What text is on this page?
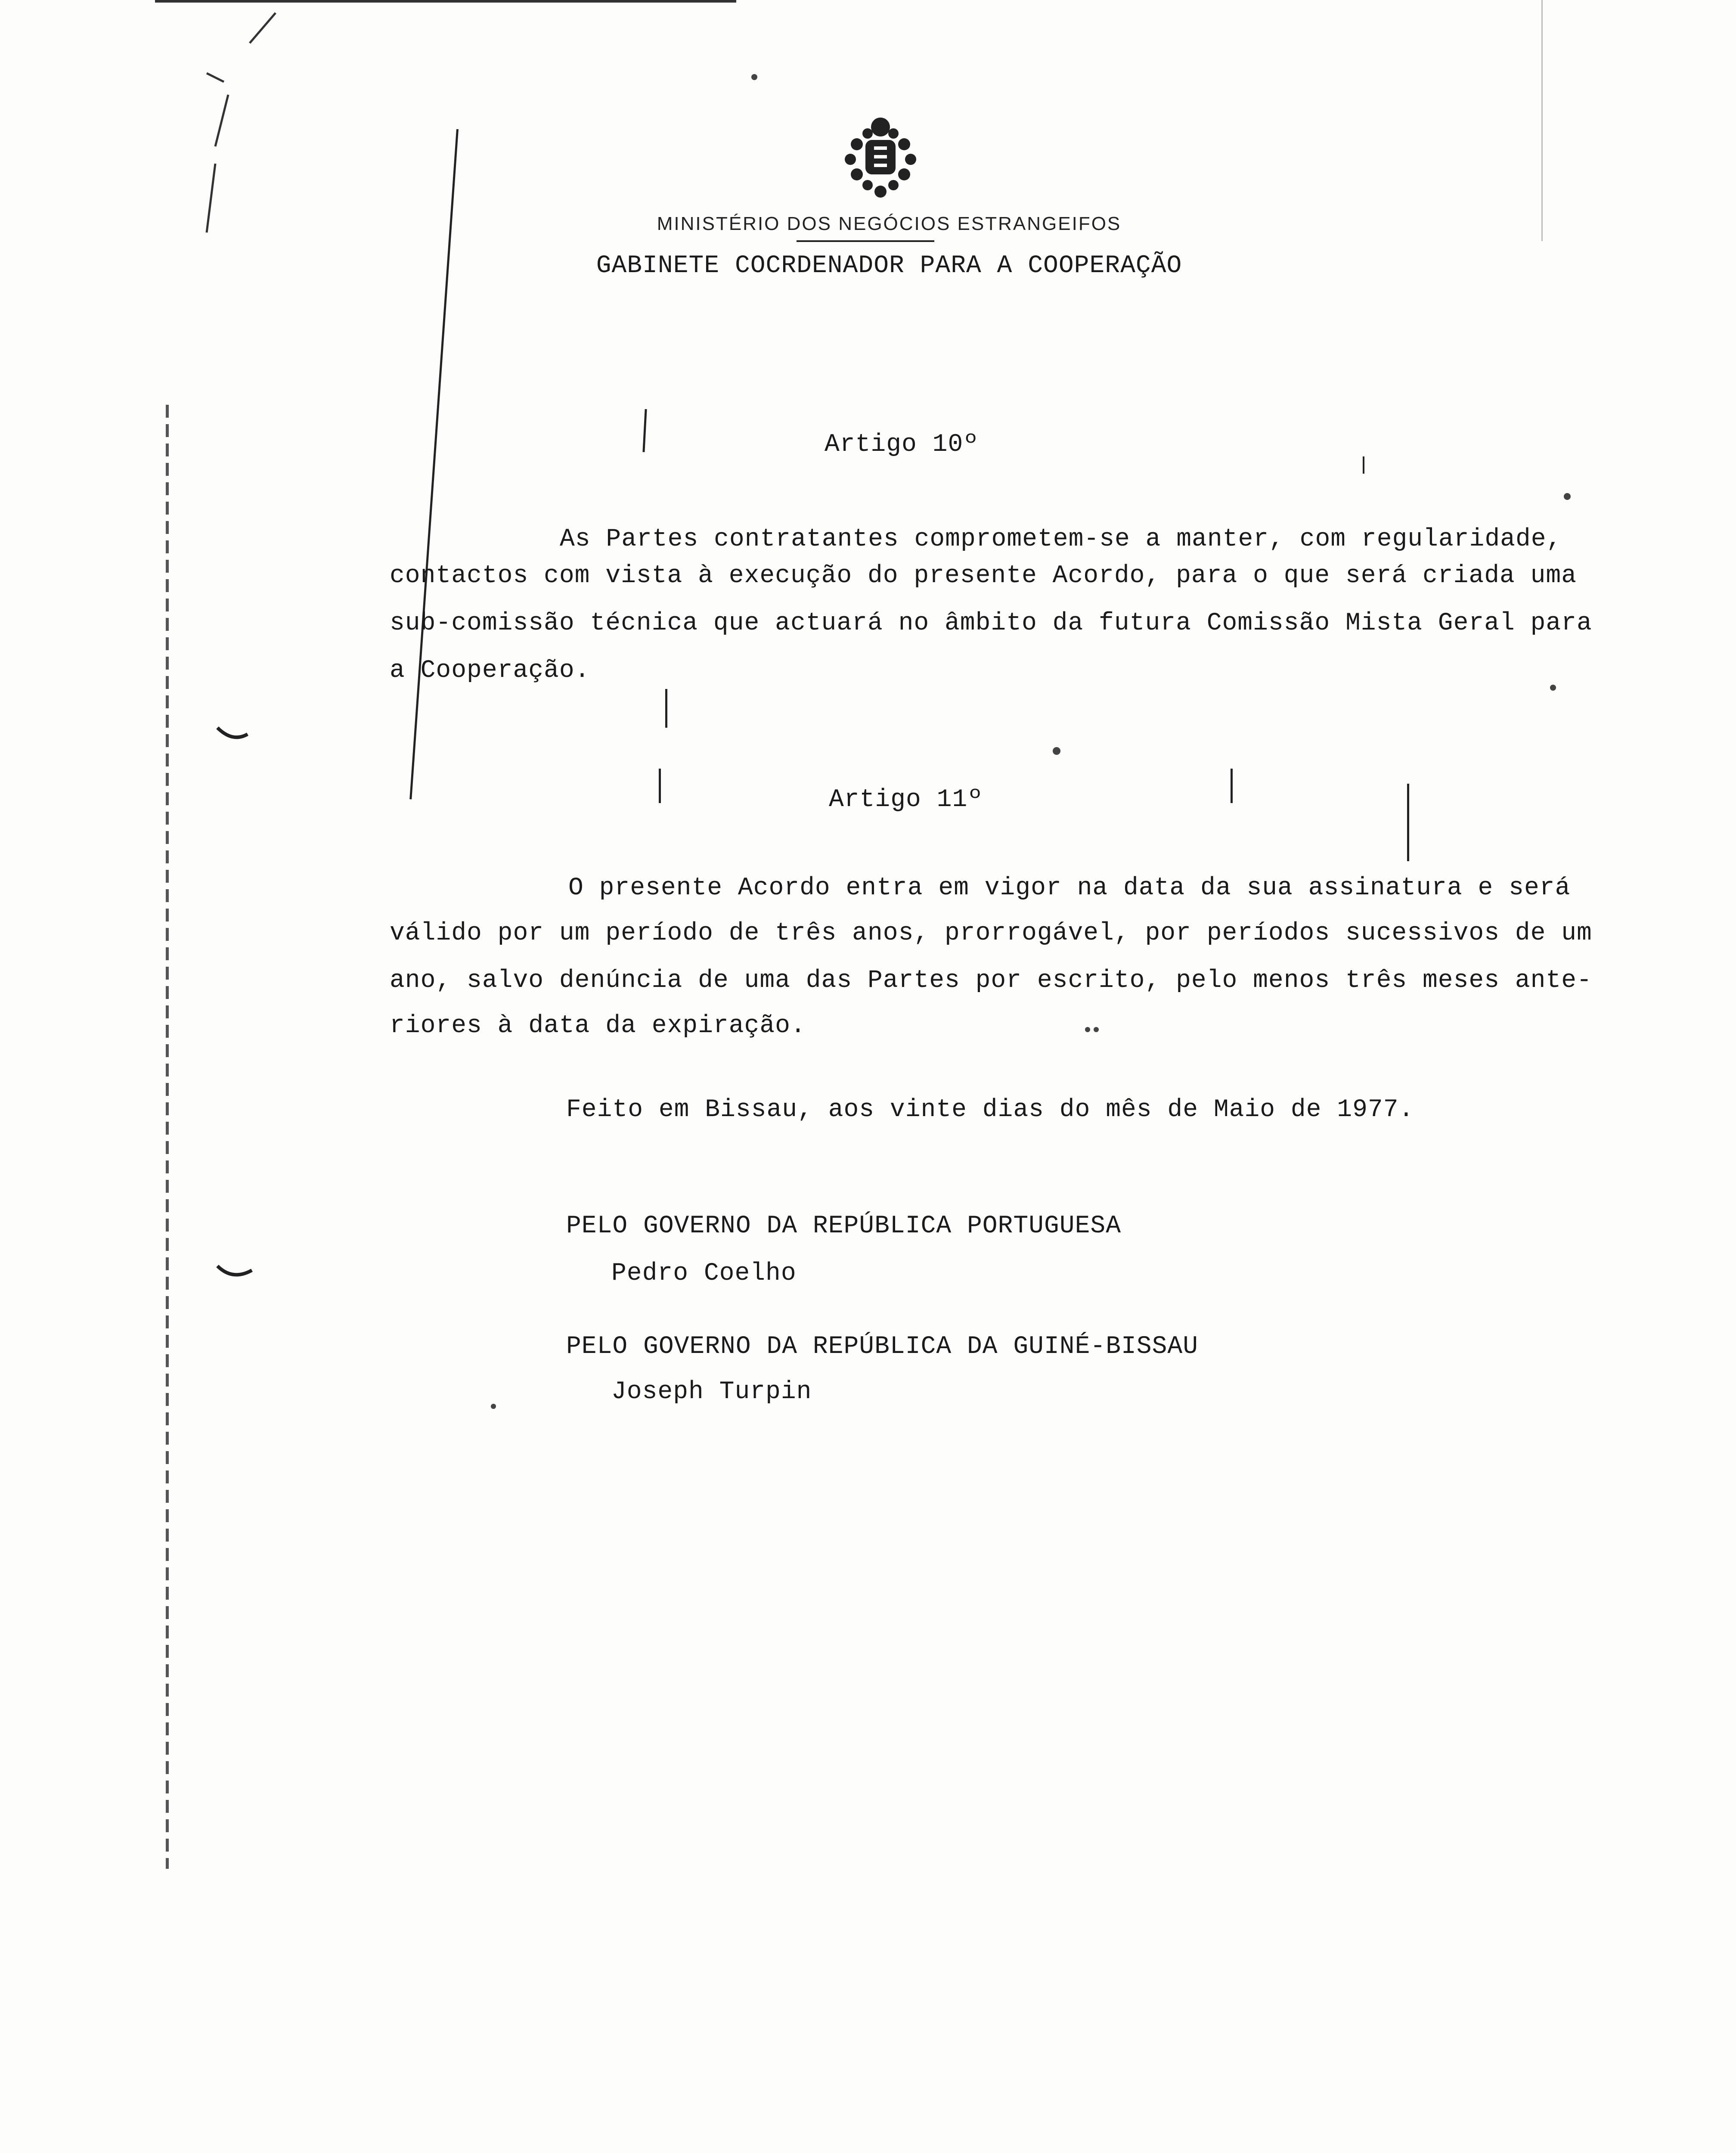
MINISTÉRIO DOS NEGÓCIOS ESTRANGEIFOS
GABINETE COCRDENADOR PARA A COOPERAÇÃO
Artigo 10º
As Partes contratantes comprometem-se a manter, com regularidade,
contactos com vista à execução do presente Acordo, para o que será criada uma
sub-comissão técnica que actuará no âmbito da futura Comissão Mista Geral para
a Cooperação.
Artigo 11º
O presente Acordo entra em vigor na data da sua assinatura e será
válido por um período de três anos, prorrogável, por períodos sucessivos de um
ano, salvo denúncia de uma das Partes por escrito, pelo menos três meses ante-
riores à data da expiração.
Feito em Bissau, aos vinte dias do mês de Maio de 1977.
PELO GOVERNO DA REPÚBLICA PORTUGUESA
Pedro Coelho
PELO GOVERNO DA REPÚBLICA DA GUINÉ-BISSAU
Joseph Turpin
